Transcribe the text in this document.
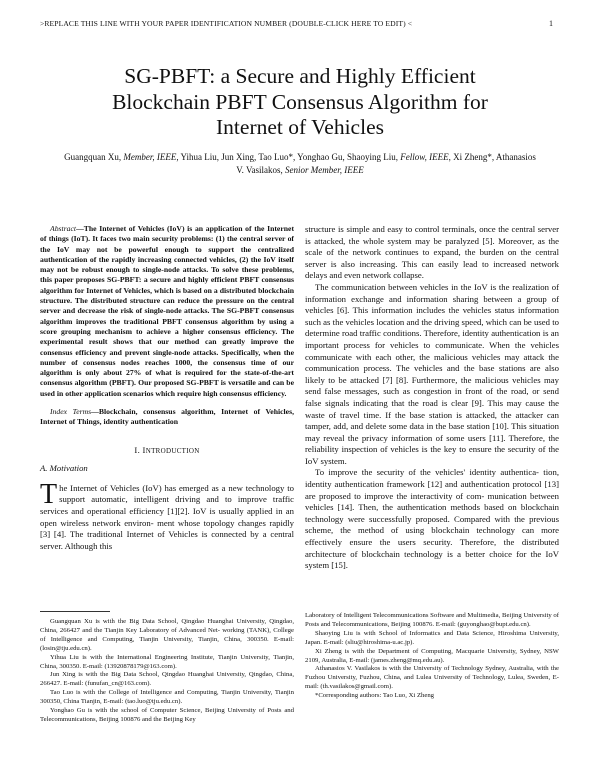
>REPLACE THIS LINE WITH YOUR PAPER IDENTIFICATION NUMBER (DOUBLE-CLICK HERE TO EDIT) <	1
SG-PBFT: a Secure and Highly Efficient
Blockchain PBFT Consensus Algorithm for
Internet of Vehicles
Guangquan Xu, Member, IEEE, Yihua Liu, Jun Xing, Tao Luo*, Yonghao Gu, Shaoying Liu, Fellow, IEEE, Xi Zheng*, Athanasios V. Vasilakos, Senior Member, IEEE
Abstract—The Internet of Vehicles (IoV) is an application of the Internet of things (IoT). It faces two main security problems: (1) the central server of the IoV may not be powerful enough to support the centralized authentication of the rapidly increasing connected vehicles, (2) the IoV itself may not be robust enough to single-node attacks. To solve these problems, this paper proposes SG-PBFT: a secure and highly efficient PBFT consensus algorithm for Internet of Vehicles, which is based on a distributed blockchain structure. The distributed structure can reduce the pressure on the central server and decrease the risk of single-node attacks. The SG-PBFT consensus algorithm improves the traditional PBFT consensus algorithm by using a score grouping mechanism to achieve a higher consensus efficiency. The experimental result shows that our method can greatly improve the consensus efficiency and prevent single-node attacks. Specifically, when the number of consensus nodes reaches 1000, the consensus time of our algorithm is only about 27% of what is required for the state-of-the-art consensus algorithm (PBFT). Our proposed SG-PBFT is versatile and can be used in other application scenarios which require high consensus efficiency.
Index Terms—Blockchain, consensus algorithm, Internet of Vehicles, Internet of Things, identity authentication
I. INTRODUCTION
A. Motivation
The Internet of Vehicles (IoV) has emerged as a new technology to support automatic, intelligent driving and to improve traffic services and operational efficiency [1][2]. IoV is usually applied in an open wireless network environ- ment whose topology changes rapidly [3] [4]. The traditional Internet of Vehicles is connected by a central server. Although this

structure is simple and easy to control terminals, once the central server is attacked, the whole system may be paralyzed [5]. Moreover, as the scale of the network continues to expand, the burden on the central server is also increasing. This can easily lead to increased network delays and even network collapse.

The communication between vehicles in the IoV is the realization of information exchange and information sharing between a group of vehicles [6]. This information includes the vehicles status information such as the vehicles location and the driving speed, which can be used to determine road traffic conditions. Therefore, identity authentication is an important process for vehicles to communicate. When the vehicles communicate with each other, the malicious vehicles may attack the communication process. The vehicles and the base stations are also likely to be attacked [7] [8]. Furthermore, the malicious vehicles may send false messages, such as congestion in front of the road, or send false signals indicating that the road is clear [9]. This may cause the waste of travel time. If the base station is attacked, the attacker can tamper, add, and delete some data in the base station [10]. This situation may reveal the privacy information of some users [11]. Therefore, the reliability inspection of vehicles is the key to ensure the security of the IoV system.

To improve the security of the vehicles' identity authentica- tion, identity authentication framework [12] and authentication protocol [13] are proposed to improve the interactivity of com- munication between vehicles [14]. Then, the authentication methods based on blockchain technology were successfully proposed. Compared with the previous scheme, the method of using blockchain technology can more effectively ensure the users security. Therefore, the distributed architecture of blockchain technology is a better choice for the IoV system [15].

Guangquan Xu is with the Big Data School, Qingdao Huanghai University, Qingdao, China, 266427 and the Tianjin Key Laboratory of Advanced Net- working (TANK), College of Intelligence and Computing, Tianjin University, Tianjin, China, 300350. E-mail: (losin@tju.edu.cn).

Yihua Liu is with the International Engineering Institute, Tianjin University, Tianjin, China, 300350. E-mail: (13920878179@163.com).

Jun Xing is with the Big Data School, Qingdao Huanghai University, Qingdao, China, 266427. E-mail: (funufan_cn@163.com).

Tao Luo is with the College of Intelligence and Computing, Tianjin University, Tianjin 300350, China Tianjin, E-mail: (tao.luo@tju.edu.cn).

Yonghao Gu is with the school of Computer Science, Beijing University of Posts and Telecommunications, Beijing 100876 and the Beijing Key

Laboratory of Intelligent Telecommunications Software and Multimedia, Beijing University of Posts and Telecommunications, Beijing 100876. E-mail: (guyonghao@bupt.edu.cn).

Shaoying Liu is with School of Informatics and Data Science, Hiroshima University, Japan. E-mail: (sliu@hiroshima-u.ac.jp).

Xi Zheng is with the Department of Computing, Macquarie University, Sydney, NSW 2109, Australia, E-mail: (james.zheng@mq.edu.au).

Athanasios V. Vasilakos is with the University of Technology Sydney, Australia, with the Fuzhou University, Fuzhou, China, and Lulea University of Technology, Lulea, Sweden, E-mail: (th.vasilakos@gmail.com).

*Corresponding authors: Tao Luo, Xi Zheng
